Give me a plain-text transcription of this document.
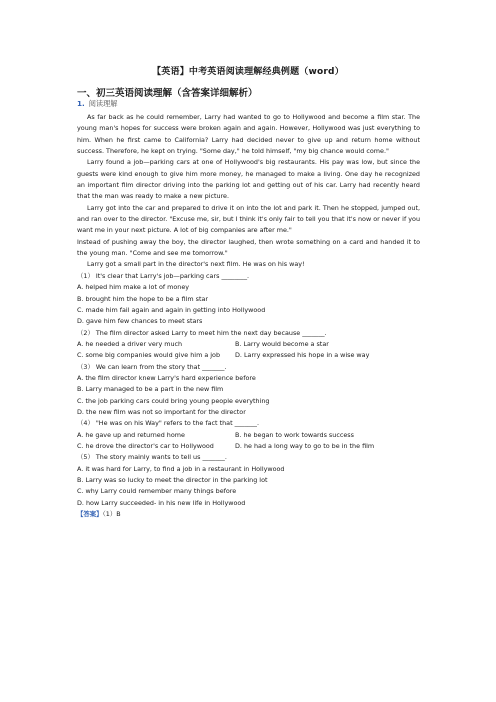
【英语】中考英语阅读理解经典例题（word）
一、初三英语阅读理解（含答案详细解析）
1. 阅读理解

As far back as he could remember, Larry had wanted to go to Hollywood and become a film star. The young man's hopes for success were broken again and again. However, Hollywood was just everything to him. When he first came to California? Larry had decided never to give up and return home without success. Therefore, he kept on trying. "Some day," he told himself, "my big chance would come."

Larry found a job—parking cars at one of Hollywood's big restaurants. His pay was low, but since the guests were kind enough to give him more money, he managed to make a living. One day he recognized an important film director driving into the parking lot and getting out of his car. Larry had recently heard that the man was ready to make a new picture.

Larry got into the car and prepared to drive it on into the lot and park it. Then he stopped, jumped out, and ran over to the director. "Excuse me, sir, but I think it's only fair to tell you that it's now or never if you want me in your next picture. A lot of big companies are after me."

Instead of pushing away the boy, the director laughed, then wrote something on a card and handed it to the young man. "Come and see me tomorrow."

Larry got a small part in the director's next film. He was on his way!

（1） It's clear that Larry's job—parking cars ________.

A. helped him make a lot of money

B. brought him the hope to be a film star

C. made him fail again and again in getting into Hollywood

D. gave him few chances to meet stars

（2） The film director asked Larry to meet him the next day because _______.

A. he needed a driver very much	B. Larry would become a star
C. some big companies would give him a job	D. Larry expressed his hope in a wise way

（3） We can learn from the story that _______.

A. the film director knew Larry's hard experience before

B. Larry managed to be a part in the new film

C. the job parking cars could bring young people everything

D. the new film was not so important for the director

（4） "He was on his Way" refers to the fact that _______.

A. he gave up and returned home	B. he began to work towards success
C. he drove the director's car to Hollywood	D. he had a long way to go to be in the film

（5） The story mainly wants to tell us _______.

A. it was hard for Larry, to find a job in a restaurant in Hollywood

B. Larry was so lucky to meet the director in the parking lot

C. why Larry could remember many things before

D. how Larry succeeded- in his new life in Hollywood

【答案】（1）B
